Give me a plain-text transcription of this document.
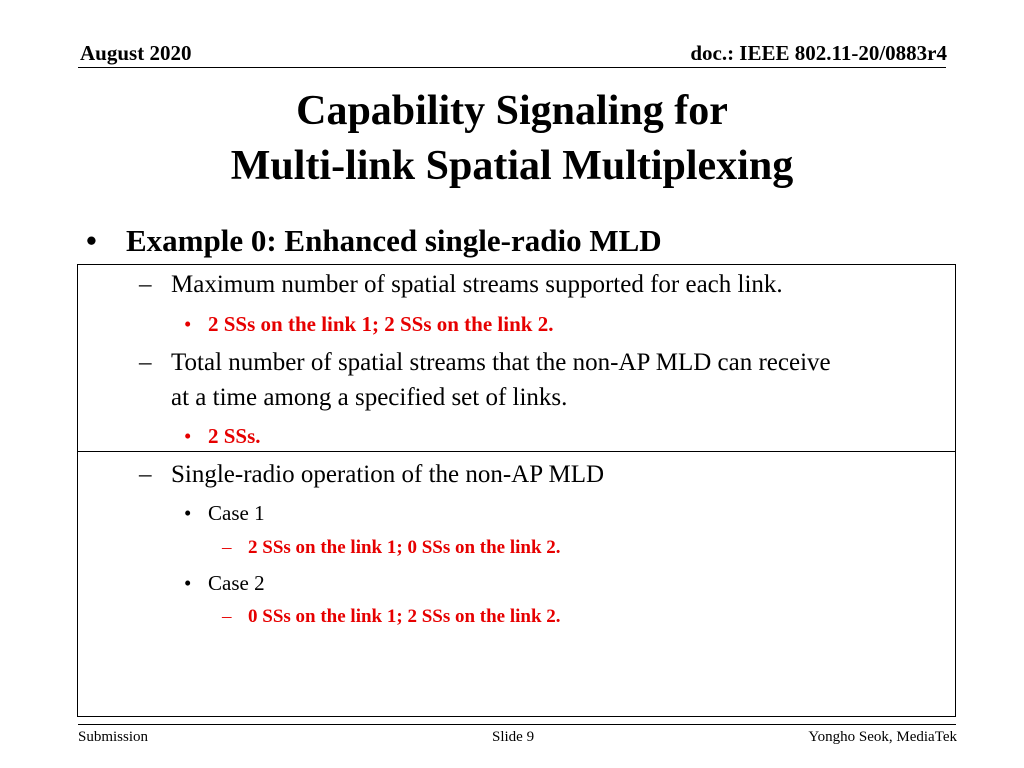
August 2020	doc.: IEEE 802.11-20/0883r4
Capability Signaling for
Multi-link Spatial Multiplexing
• Example 0: Enhanced single-radio MLD
– Maximum number of spatial streams supported for each link.
• 2 SSs on the link 1; 2 SSs on the link 2.
– Total number of spatial streams that the non-AP MLD can receive
at a time among a specified set of links.
• 2 SSs.
– Single-radio operation of the non-AP MLD
• Case 1
– 2 SSs on the link 1; 0 SSs on the link 2.
• Case 2
– 0 SSs on the link 1; 2 SSs on the link 2.
Submission	Slide 9	Yongho Seok, MediaTek
